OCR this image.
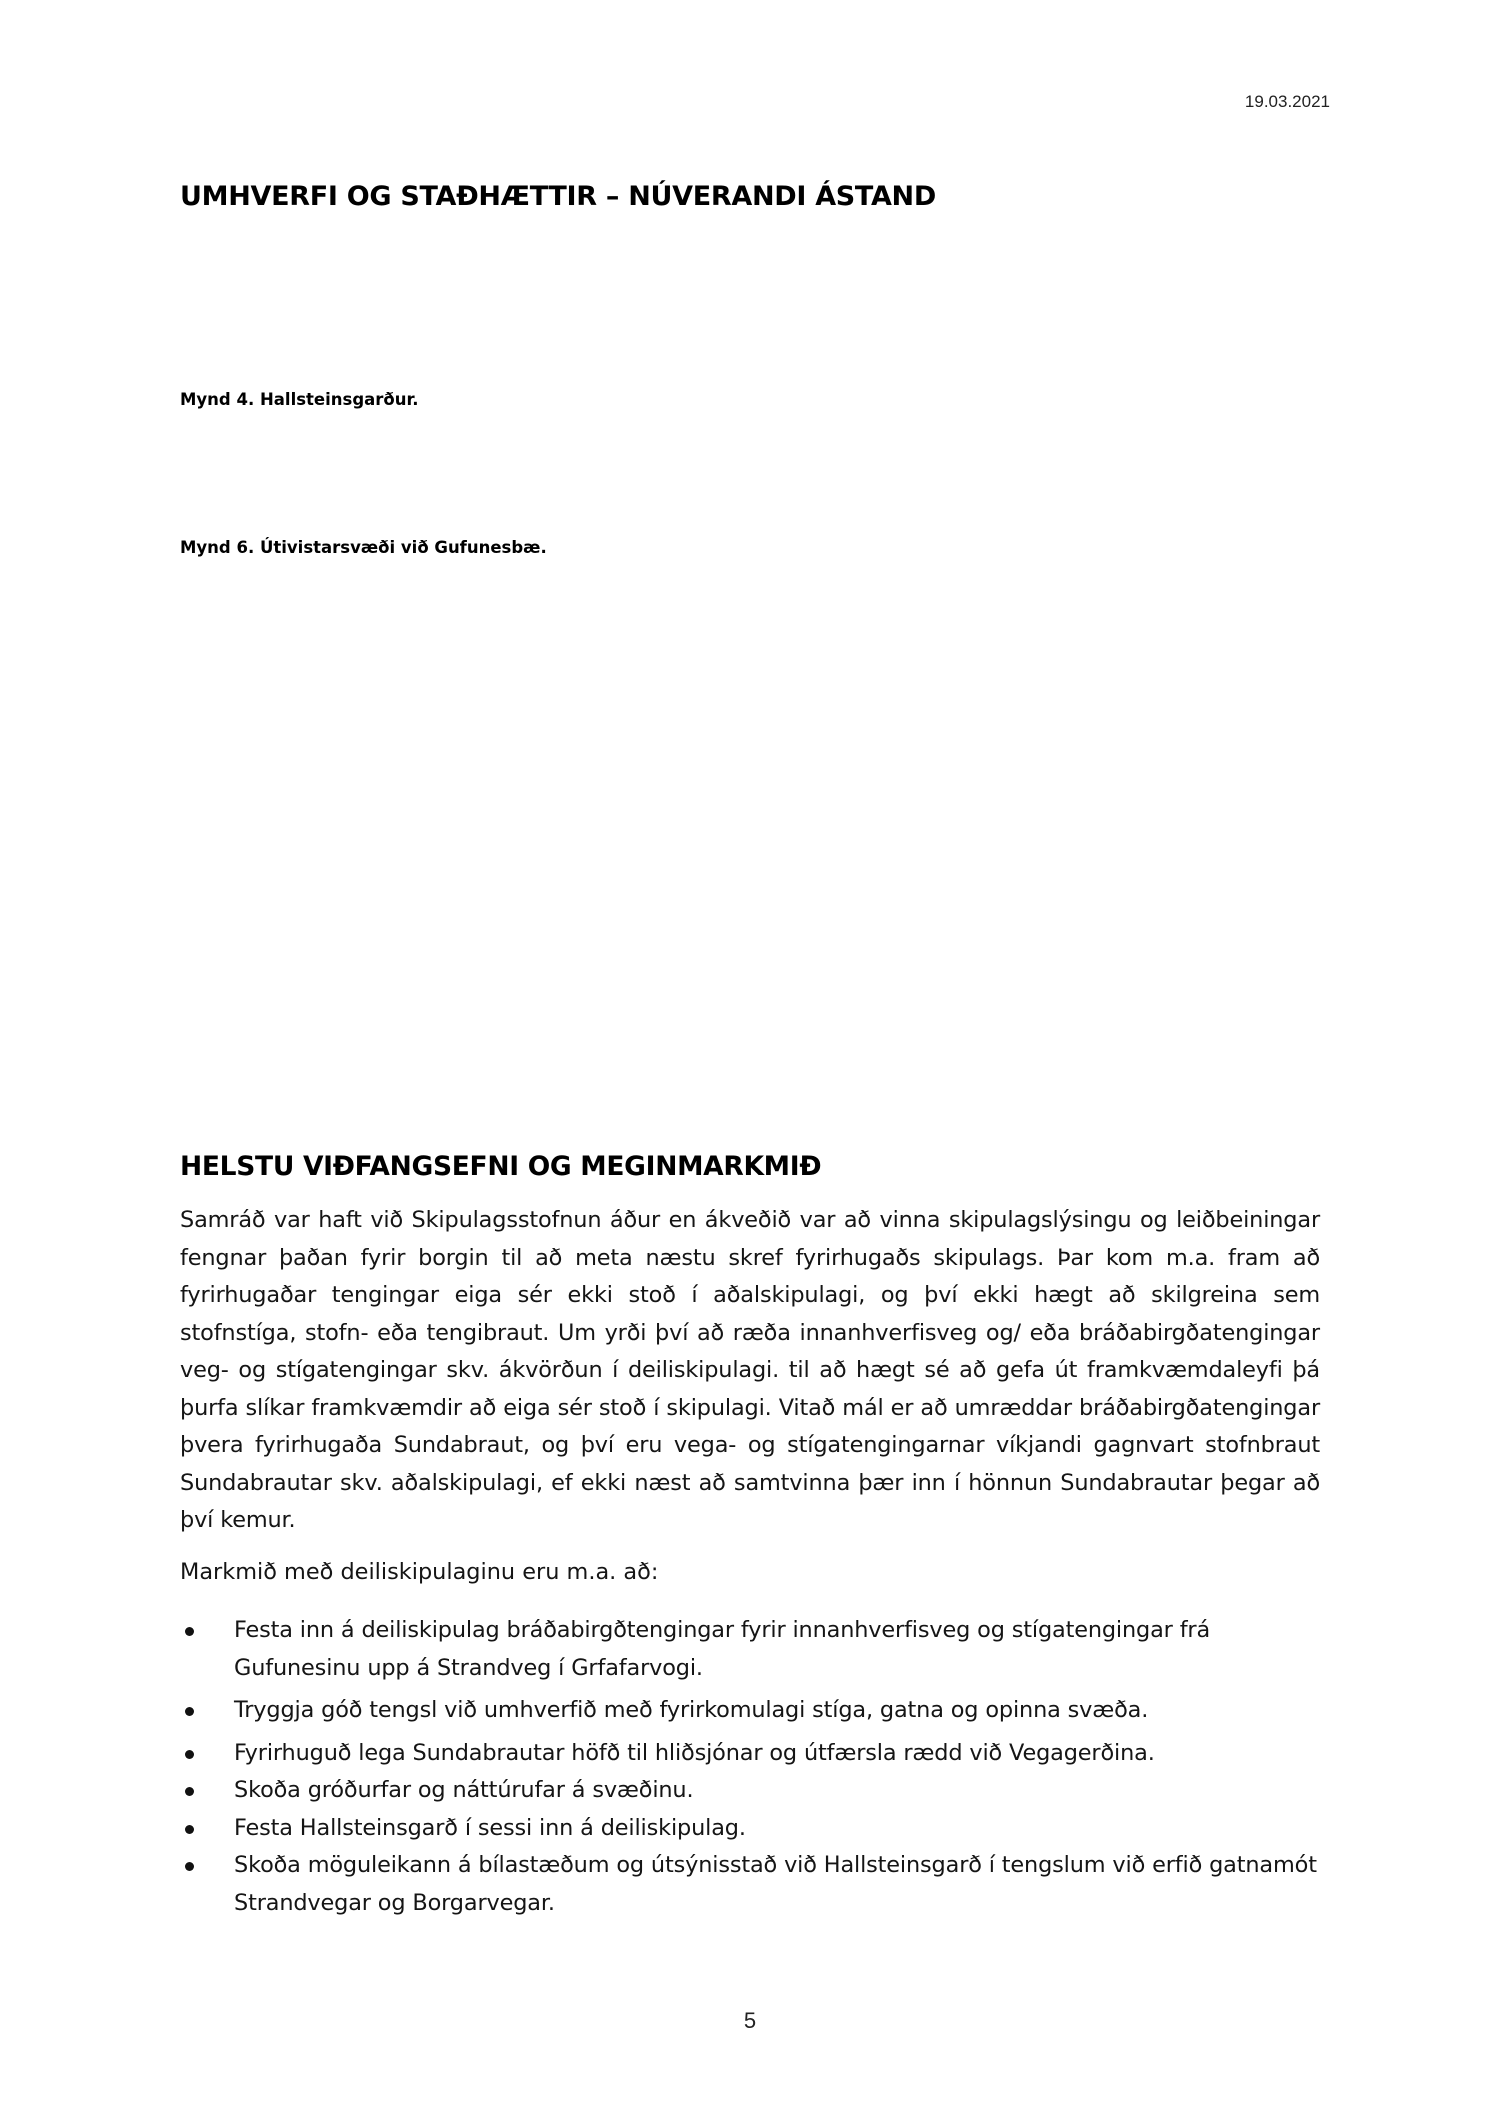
19.03.2021
UMHVERFI OG STAÐHÆTTIR – NÚVERANDI ÁSTAND

Mynd 4. Hallsteinsgarður.

Mynd 6. Útivistarsvæði við Gufunesbæ.

HELSTU VIÐFANGSEFNI OG MEGINMARKMIÐ

Samráð var haft við Skipulagsstofnun áður en ákveðið var að vinna skipulagslýsingu og leiðbeiningar fengnar þaðan fyrir borgin til að meta næstu skref fyrirhugaðs skipulags. Þar kom m.a. fram að fyrirhugaðar tengingar eiga sér ekki stoð í aðalskipulagi, og því ekki hægt að skilgreina sem stofnstíga, stofn- eða tengibraut. Um yrði því að ræða innanhverfisveg og/ eða bráðabirgðatengingar veg- og stígatengingar skv. ákvörðun í deiliskipulagi. til að hægt sé að gefa út framkvæmdaleyfi þá þurfa slíkar framkvæmdir að eiga sér stoð í skipulagi. Vitað mál er að umræddar bráðabirgðatengingar þvera fyrirhugaða Sundabraut, og því eru vega- og stígatengingarnar víkjandi gagnvart stofnbraut Sundabrautar skv. aðalskipulagi, ef ekki næst að samtvinna þær inn í hönnun Sundabrautar þegar að því kemur.

Markmið með deiliskipulaginu eru m.a. að:

Festa inn á deiliskipulag bráðabirgðtengingar fyrir innanhverfisveg og stígatengingar frá Gufunesinu upp á Strandveg í Grfafarvogi.
Tryggja góð tengsl við umhverfið með fyrirkomulagi stíga, gatna og opinna svæða.
Fyrirhuguð lega Sundabrautar höfð til hliðsjónar og útfærsla rædd við Vegagerðina.
Skoða gróðurfar og náttúrufar á svæðinu.
Festa Hallsteinsgarð í sessi inn á deiliskipulag.
Skoða möguleikann á bílastæðum og útsýnisstað við Hallsteinsgarð í tengslum við erfið gatnamót Strandvegar og Borgarvegar.
5
